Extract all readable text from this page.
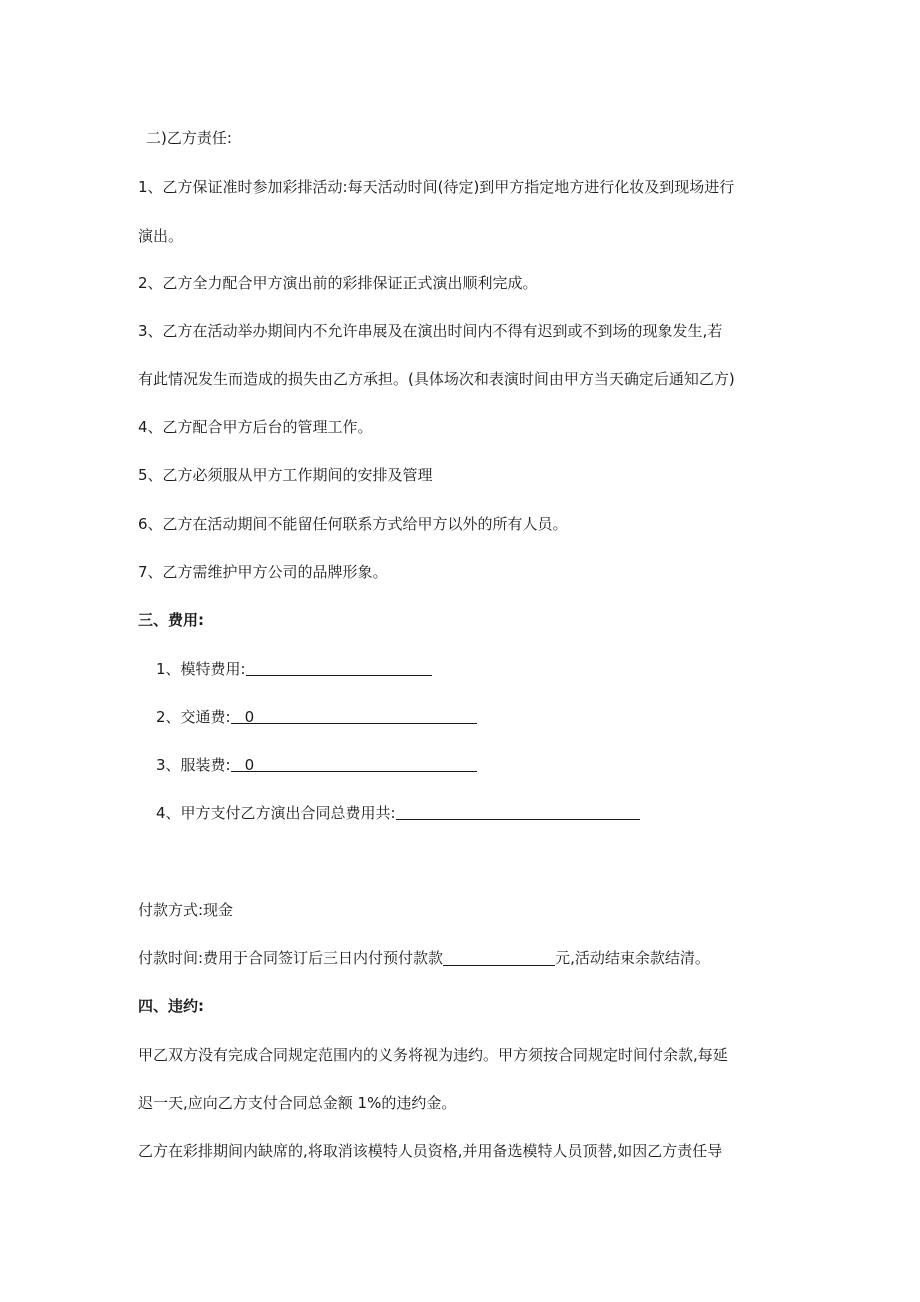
二)乙方责任:
1、乙方保证准时参加彩排活动:每天活动时间(待定)到甲方指定地方进行化妆及到现场进行
演出。
2、乙方全力配合甲方演出前的彩排保证正式演出顺利完成。
3、乙方在活动举办期间内不允许串展及在演出时间内不得有迟到或不到场的现象发生,若
有此情况发生而造成的损失由乙方承担。(具体场次和表演时间由甲方当天确定后通知乙方)
4、乙方配合甲方后台的管理工作。
5、乙方必须服从甲方工作期间的安排及管理
6、乙方在活动期间不能留任何联系方式给甲方以外的所有人员。
7、乙方需维护甲方公司的品牌形象。
三、费用:
1、模特费用:
2、交通费: 0
3、服装费: 0
4、甲方支付乙方演出合同总费用共:
付款方式:现金
付款时间:费用于合同签订后三日内付预付款款	元,活动结束余款结清。
四、违约:
甲乙双方没有完成合同规定范围内的义务将视为违约。甲方须按合同规定时间付余款,每延
迟一天,应向乙方支付合同总金额 1%的违约金。
乙方在彩排期间内缺席的,将取消该模特人员资格,并用备选模特人员顶替,如因乙方责任导
